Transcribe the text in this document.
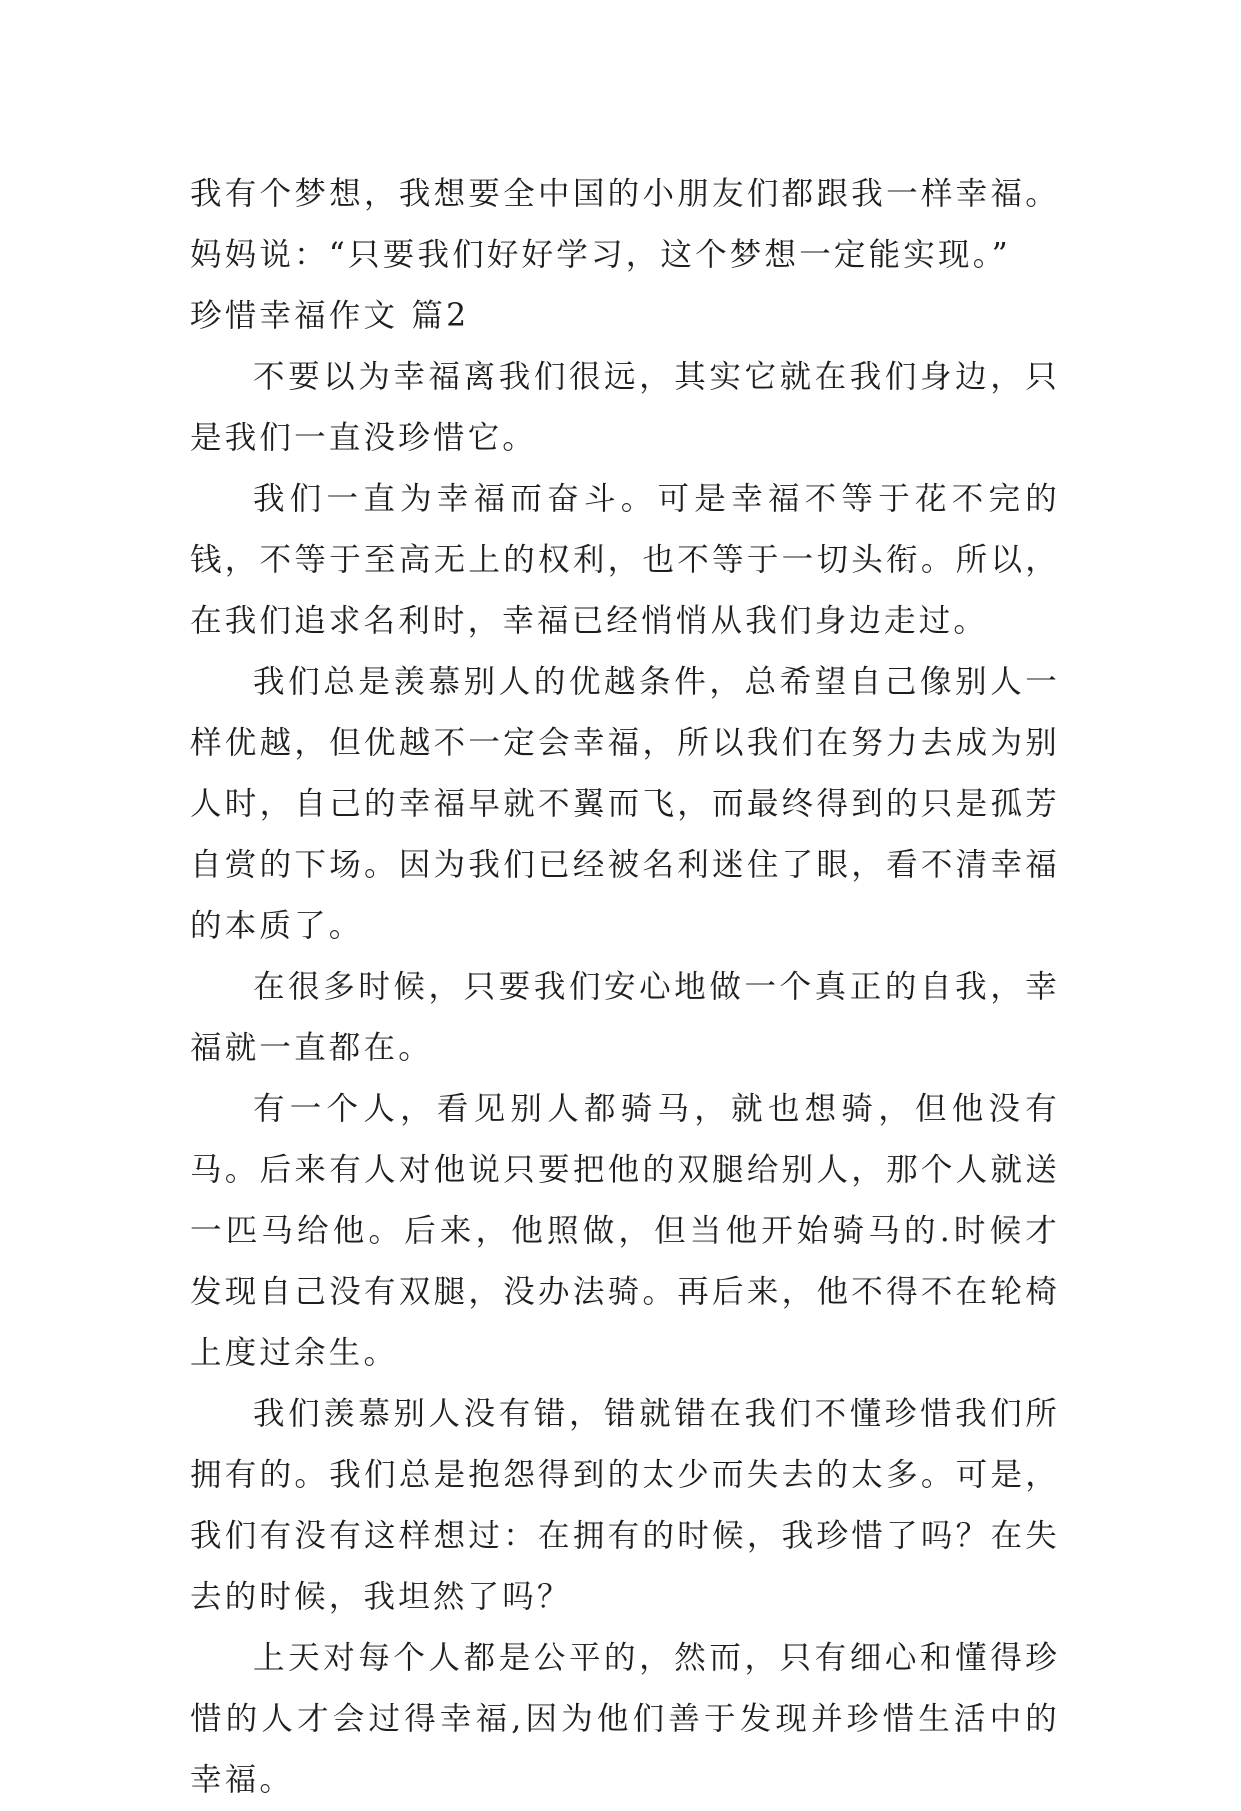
我有个梦想，我想要全中国的小朋友们都跟我一样幸福。妈妈说：“只要我们好好学习，这个梦想一定能实现。”

珍惜幸福作文 篇2

不要以为幸福离我们很远，其实它就在我们身边，只是我们一直没珍惜它。

我们一直为幸福而奋斗。可是幸福不等于花不完的钱，不等于至高无上的权利，也不等于一切头衔。所以，在我们追求名利时，幸福已经悄悄从我们身边走过。

我们总是羡慕别人的优越条件，总希望自己像别人一样优越，但优越不一定会幸福，所以我们在努力去成为别人时，自己的幸福早就不翼而飞，而最终得到的只是孤芳自赏的下场。因为我们已经被名利迷住了眼，看不清幸福的本质了。

在很多时候，只要我们安心地做一个真正的自我，幸福就一直都在。

有一个人，看见别人都骑马，就也想骑，但他没有马。后来有人对他说只要把他的双腿给别人，那个人就送一匹马给他。后来，他照做，但当他开始骑马的.时候才发现自己没有双腿，没办法骑。再后来，他不得不在轮椅上度过余生。

我们羡慕别人没有错，错就错在我们不懂珍惜我们所拥有的。我们总是抱怨得到的太少而失去的太多。可是，我们有没有这样想过：在拥有的时候，我珍惜了吗？在失去的时候，我坦然了吗？

上天对每个人都是公平的，然而，只有细心和懂得珍惜的人才会过得幸福,因为他们善于发现并珍惜生活中的幸福。
